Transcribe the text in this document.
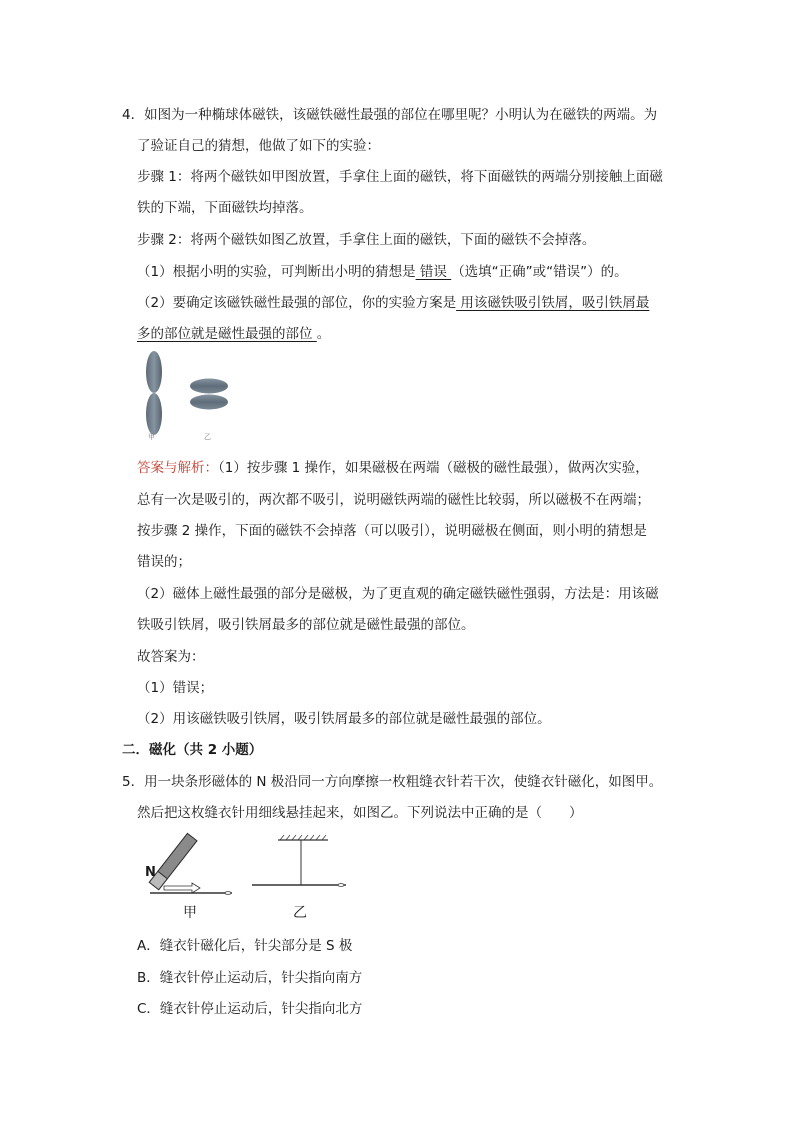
4．如图为一种椭球体磁铁，该磁铁磁性最强的部位在哪里呢？小明认为在磁铁的两端。为
了验证自己的猜想，他做了如下的实验：
步骤 1：将两个磁铁如甲图放置，手拿住上面的磁铁，将下面磁铁的两端分别接触上面磁
铁的下端，下面磁铁均掉落。
步骤 2：将两个磁铁如图乙放置，手拿住上面的磁铁，下面的磁铁不会掉落。
（1）根据小明的实验，可判断出小明的猜想是 错误 （选填“正确”或“错误”）的。
（2）要确定该磁铁磁性最强的部位，你的实验方案是 用该磁铁吸引铁屑，吸引铁屑最
多的部位就是磁性最强的部位 。
甲	乙
答案与解析：（1）按步骤 1 操作，如果磁极在两端（磁极的磁性最强），做两次实验，
总有一次是吸引的，两次都不吸引，说明磁铁两端的磁性比较弱，所以磁极不在两端；
按步骤 2 操作，下面的磁铁不会掉落（可以吸引），说明磁极在侧面，则小明的猜想是
错误的；
（2）磁体上磁性最强的部分是磁极，为了更直观的确定磁铁磁性强弱，方法是：用该磁
铁吸引铁屑，吸引铁屑最多的部位就是磁性最强的部位。
故答案为：
（1）错误；
（2）用该磁铁吸引铁屑，吸引铁屑最多的部位就是磁性最强的部位。
二．磁化（共 2 小题）
5．用一块条形磁体的 N 极沿同一方向摩擦一枚粗缝衣针若干次，使缝衣针磁化，如图甲。
然后把这枚缝衣针用细线悬挂起来，如图乙。下列说法中正确的是（　　）
N
甲	乙
A．缝衣针磁化后，针尖部分是 S 极
B．缝衣针停止运动后，针尖指向南方
C．缝衣针停止运动后，针尖指向北方
